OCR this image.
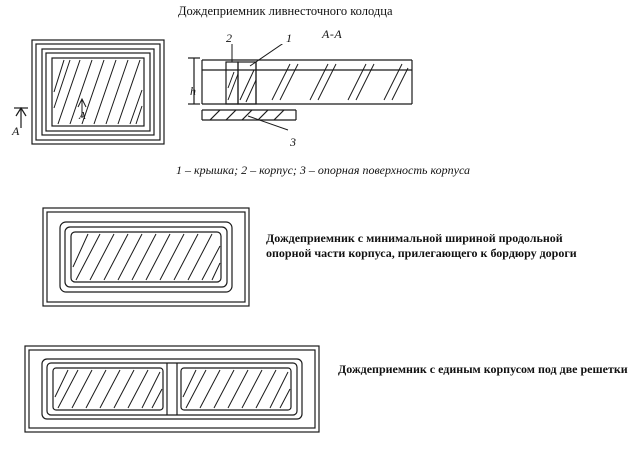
Дождеприемник ливнесточного колодца
А
А
А-А
2	1
3
h
1 – крышка; 2 – корпус; 3 – опорная поверхность корпуса
Дождеприемник с минимальной шириной продольной опорной части корпуса, прилегающего к бордюру дороги
Дождеприемник с единым корпусом под две решетки
